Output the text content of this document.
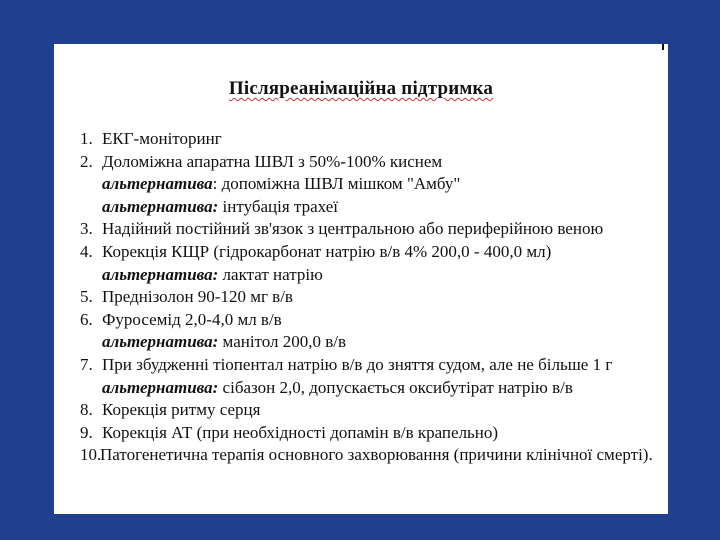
Післяреанімаційна підтримка
1. ЕКГ-моніторинг
2. Доломіжна апаратна ШВЛ з 50%-100% киснем
альтернатива: допоміжна ШВЛ мішком "Амбу"
альтернатива: інтубація трахеї
3. Надійний постійний зв'язок з центральною або периферійною веною
4. Корекція КЩР (гідрокарбонат натрію в/в 4% 200,0 - 400,0 мл)
альтернатива: лактат натрію
5. Преднізолон 90-120 мг в/в
6. Фуросемід 2,0-4,0 мл в/в
альтернатива: манітол 200,0 в/в
7. При збудженні тіопентал натрію в/в до зняття судом, але не більше 1 г
альтернатива: сібазон 2,0, допускається оксибутірат натрію в/в
8. Корекція ритму серця
9. Корекція АТ (при необхідності допамін в/в крапельно)
10.Патогенетична терапія основного захворювання (причини клінічної смерті).
